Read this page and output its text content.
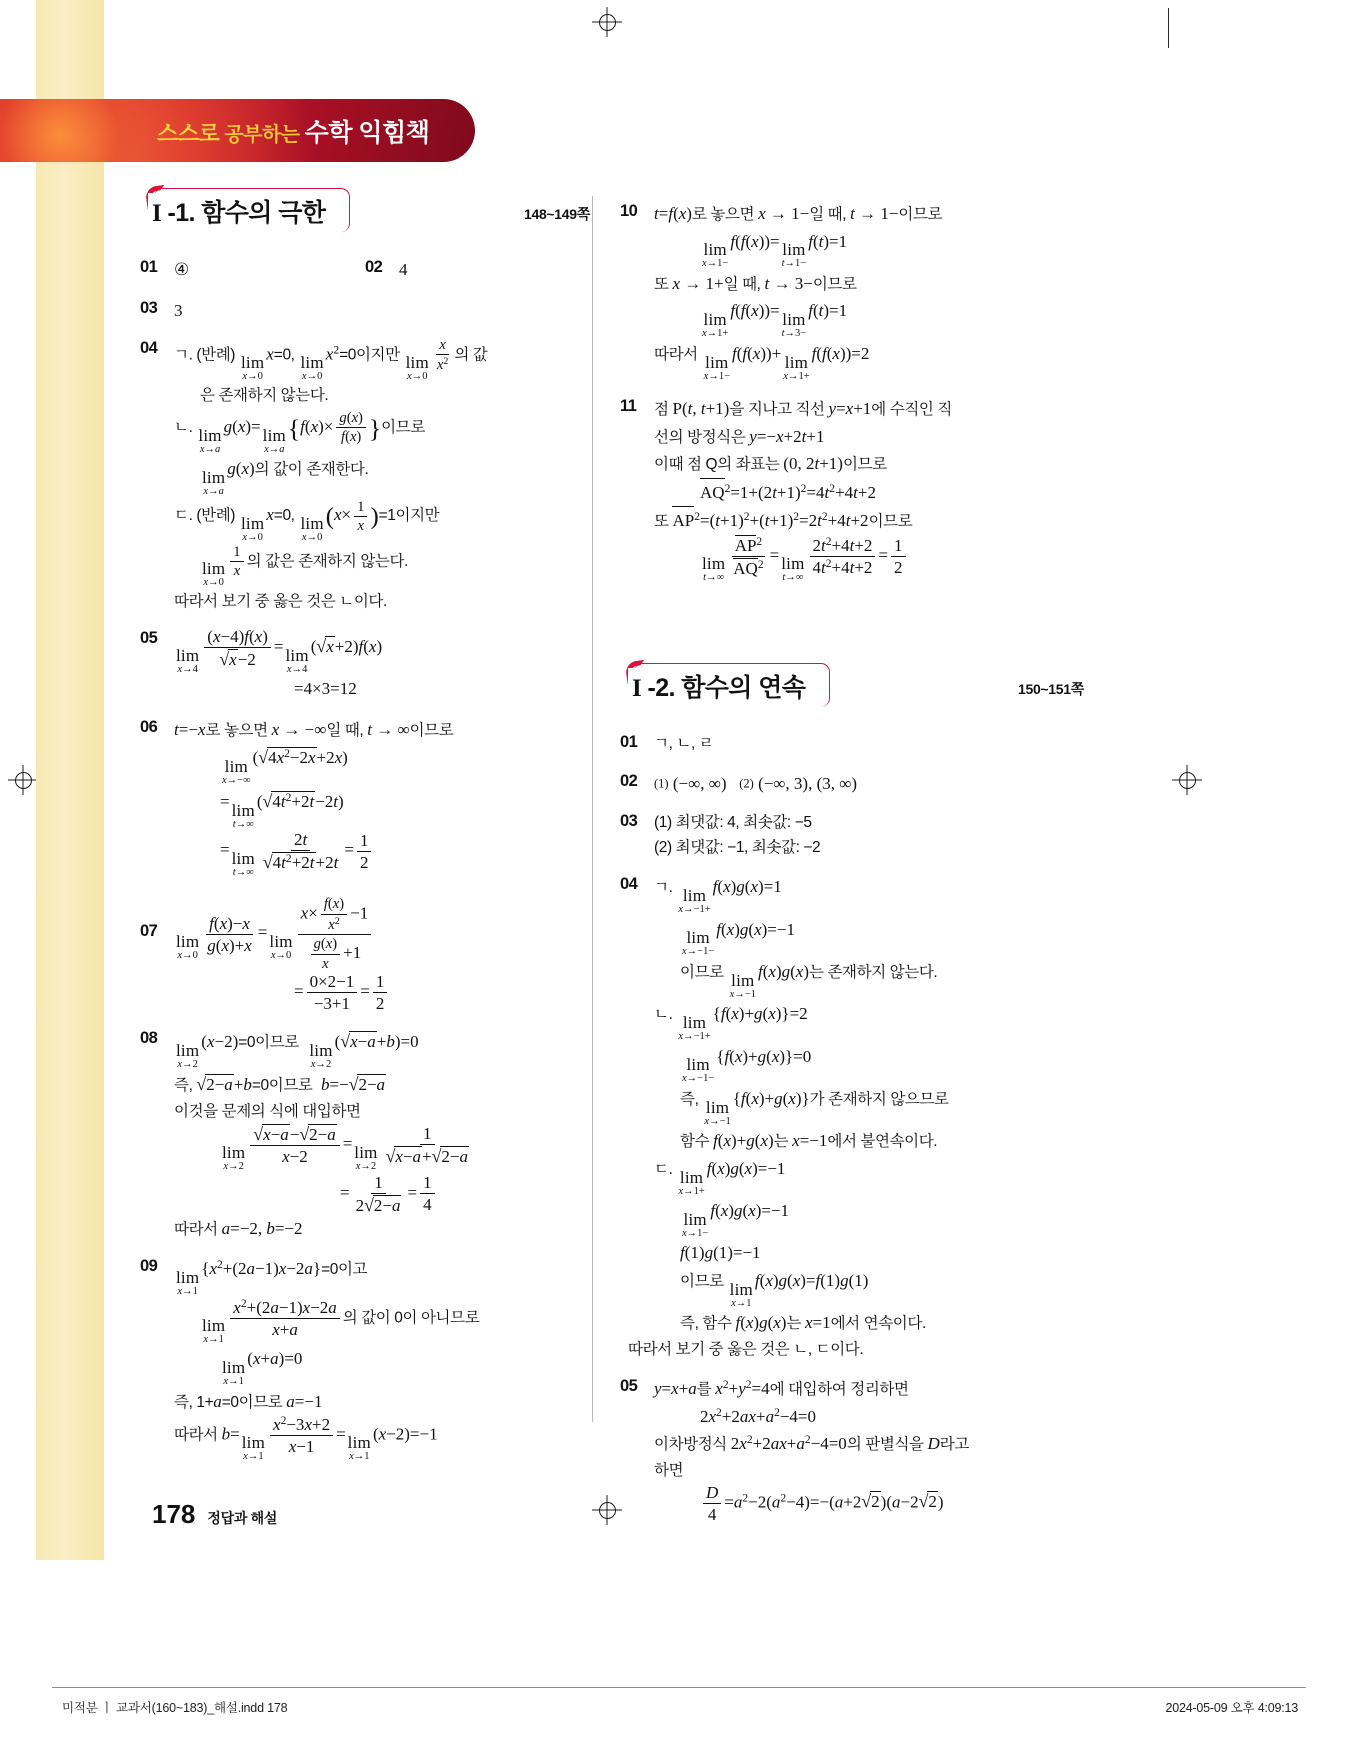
스스로 공부하는 수학 익힘책
I -1. 함수의 극한	148~149쪽
01 ④	02 4
03 3
04	ㄱ. (반례) lim
x→0
x=0, lim
x→0
$x^2=0$이지만 lim
x→0
$\frac{x}{x^2}$ 의 값
은 존재하지 않는다.
ㄴ. lim
x→a
g(x)= lim
x→a
{$f(x)\times \frac{g(x)}{f(x)}$ }이므로
lim
x→a
g(x)의 값이 존재한다.
ㄷ. (반례) lim
x→0
x=0, lim
x→0
$(x\times \frac{1}{x} )=1$이지만
lim
x→0
$\frac{1}{x}$ 의 값은 존재하지 않는다.
따라서 보기 중 옳은 것은 ㄴ이다.
05
lim
x→4
$\frac{(x-4)f(x)}{√x-2} = \lim$
x→4
(√x+2)f(x)
=4×3=12
06 t=−x로 놓으면 x → −∞일 때, t → ∞이므로
lim
x→−∞
$(√4x^2-2x+2x)$
= lim
t→∞
$(√4t^2+2t-2t)$
= lim
t→∞
$\frac{2t}{√4t^2+2t+2t} = \frac{1}{2}$
07
lim
x→0
$\frac{f(x)-x}{g(x)+x} = \lim$
$x\to 0 \frac{x\times \frac{f(x)}{x^2} -1}{\frac{g(x)}{x} +1}$
= $\frac{0\times 2-1}{-3+1} = \frac{1}{2}$
08
lim
x→2
(x−2)=0이므로 lim
x→2
(√x−a+b)=0
즉, √2−a+b=0이므로 b=−√2−a
이것을 문제의 식에 대입하면
lim
x→2
$\frac{√x-a-√2-a}{x-2} = \lim$
x→2
$\frac{1}{√x-a+√2-a}$
= $\frac{1}{2√2-a} = \frac{1}{4}$
따라서 a=−2, b=−2
09
lim
x→1
$\{x^2+(2a-1)x-2a\}=0$이고
lim
x→1
$\frac{x^2+(2a-1)x-2a}{x+a}$ 의 값이 0이 아니므로
lim
x→1
(x+a)=0
즉, 1+a=0이므로 a=−1
따라서 b= lim
x→1
$\frac{x^2-3x+2}{x-1} = \lim$
x→1
(x−2)=−1
10 t=f(x)로 놓으면 x → 1−일 때, t → 1−이므로
lim
x→1−
f(f(x))= lim
t→1−
f(t)=1
또 x → 1+일 때, t → 3−이므로
lim
x→1+
f(f(x))= lim
t→3−
f(t)=1
따라서 lim
x→1−
f(f(x))+ lim
x→1+
f(f(x))=2
11	점 P(t, t+1)을 지나고 직선 y=x+1에 수직인 직
선의 방정식은 y=−x+2t+1
이때 점 Q의 좌표는 (0, 2t+1)이므로
$AQ^2=1+(2t+1)^2=4t^2+4t+2$
또 $AP^2=(t+1)^2+(t+1)^2=2t^2+4t+2$이므로
lim
$t\to\infty \frac{AP^2}{AQ^2} = \lim$
t→∞
$\frac{2t^2+4t+2}{4t^2+4t+2} = \frac{1}{2}$
I -2. 함수의 연속	150~151쪽
01	ㄱ, ㄴ, ㄹ
02	(1) (−∞, ∞) (2) (−∞, 3), (3, ∞)
03	(1) 최댓값: 4, 최솟값: −5
(2) 최댓값: −1, 최솟값: −2
04	ㄱ. lim
x→−1+
f(x)g(x)=1
lim
x→−1−
f(x)g(x)=−1
이므로 lim
x→−1
f(x)g(x)는 존재하지 않는다.
ㄴ. lim
x→−1+
{f(x)+g(x)}=2
lim
x→−1−
{f(x)+g(x)}=0
즉, lim
x→−1
{f(x)+g(x)}가 존재하지 않으므로
함수 f(x)+g(x)는 x=−1에서 불연속이다.
ㄷ. lim
x→1+
f(x)g(x)=−1
lim
x→1−
f(x)g(x)=−1
f(1)g(1)=−1
이므로 lim
x→1
f(x)g(x)=f(1)g(1)
즉, 함수 f(x)g(x)는 x=1에서 연속이다.
따라서 보기 중 옳은 것은 ㄴ, ㄷ이다.
05 y=x+a를 $x^2+y^2=4$에 대입하여 정리하면
$2x^2+2ax+a^2-4=0$
이차방정식 $2x^2+2ax+a^2-4=0$의 판별식을 D라고
하면
$\frac{D}{4} =a^2-2(a^2-4)=-(a+2√2)(a-2√2)$
178 정답과 해설
미적분 ㅣ 교과서(160~183)_해설.indd 178	2024-05-09 오후 4:09:13
